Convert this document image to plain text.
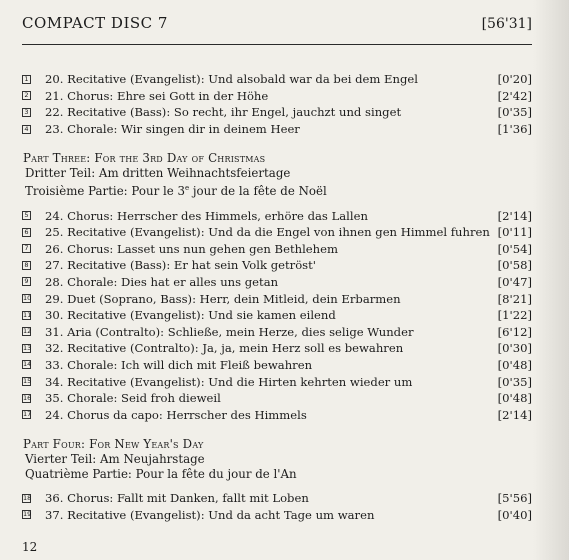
COMPACT DISC 7	[56'31]
1 20. Recitative (Evangelist): Und alsobald war da bei dem Engel	[0'20]
2 21. Chorus: Ehre sei Gott in der Höhe	[2'42]
3 22. Recitative (Bass): So recht, ihr Engel, jauchzt und singet	[0'35]
4 23. Chorale: Wir singen dir in deinem Heer	[1'36]
Part Three: For the 3rd Day of Christmas
Dritter Teil: Am dritten Weihnachtsfeiertage
Troisième Partie: Pour le 3e jour de la fête de Noël
5 24. Chorus: Herrscher des Himmels, erhöre das Lallen	[2'14]
6 25. Recitative (Evangelist): Und da die Engel von ihnen gen Himmel fuhren [0'11]
7 26. Chorus: Lasset uns nun gehen gen Bethlehem	[0'54]
8 27. Recitative (Bass): Er hat sein Volk getröst'	[0'58]
9 28. Chorale: Dies hat er alles uns getan	[0'47]
10 29. Duet (Soprano, Bass): Herr, dein Mitleid, dein Erbarmen	[8'21]
11 30. Recitative (Evangelist): Und sie kamen eilend	[1'22]
12 31. Aria (Contralto): Schließe, mein Herze, dies selige Wunder	[6'12]
13 32. Recitative (Contralto): Ja, ja, mein Herz soll es bewahren	[0'30]
14 33. Chorale: Ich will dich mit Fleiß bewahren	[0'48]
15 34. Recitative (Evangelist): Und die Hirten kehrten wieder um	[0'35]
16 35. Chorale: Seid froh dieweil	[0'48]
17 24. Chorus da capo: Herrscher des Himmels	[2'14]
Part Four: For New Year's Day
Vierter Teil: Am Neujahrstage
Quatrième Partie: Pour la fête du jour de l'An
18 36. Chorus: Fallt mit Danken, fallt mit Loben	[5'56]
19 37. Recitative (Evangelist): Und da acht Tage um waren	[0'40]
12
